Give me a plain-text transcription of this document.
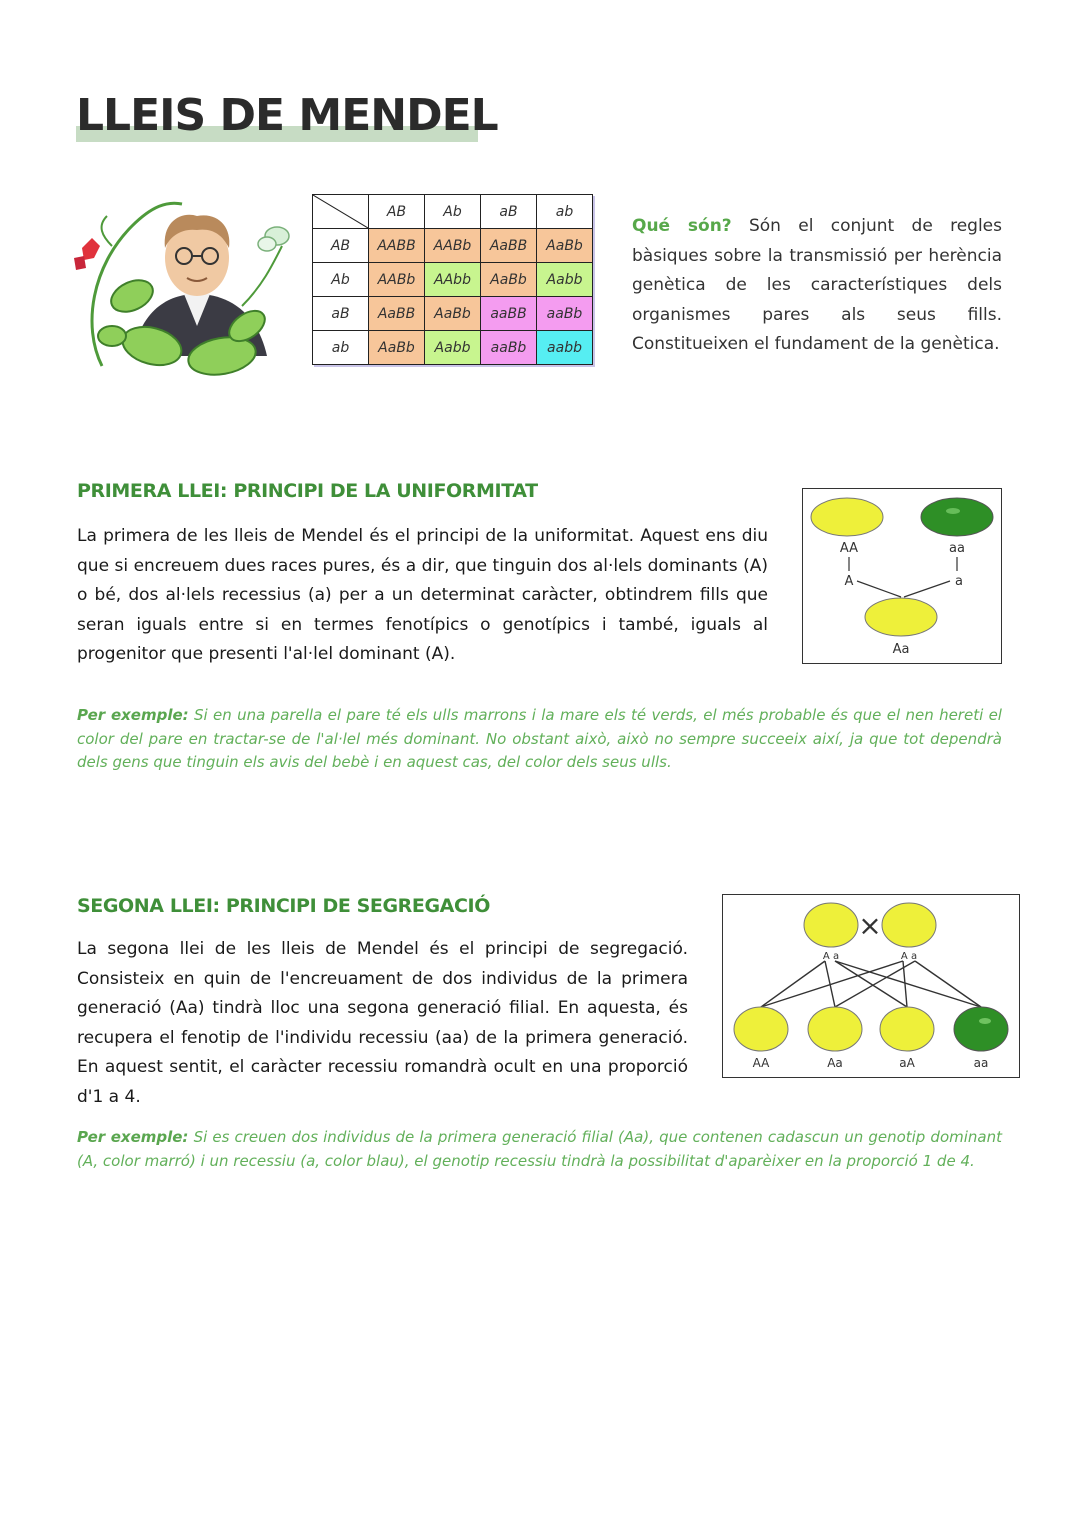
LLEIS DE MENDEL
	AB	Ab	aB	ab
AB	AABB	AABb	AaBB	AaBb
Ab	AABb	AAbb	AaBb	Aabb
aB	AaBB	AaBb	aaBB	aaBb
ab	AaBb	Aabb	aaBb	aabb

Qué són? Són el conjunt de regles bàsiques sobre la transmissió per herència genètica de les característiques dels organismes pares als seus fills. Constitueixen el fundament de la genètica.

PRIMERA LLEI: PRINCIPI DE LA UNIFORMITAT

La primera de les lleis de Mendel és el principi de la uniformitat. Aquest ens diu que si encreuem dues races pures, és a dir, que tinguin dos al·lels dominants (A) o bé, dos al·lels recessius (a) per a un determinat caràcter, obtindrem fills que seran iguals entre si en termes fenotípics o genotípics i també, iguals al progenitor que presenti l'al·lel dominant (A).

AA	aa
A	a
Aa

Per exemple: Si en una parella el pare té els ulls marrons i la mare els té verds, el més probable és que el nen hereti el color del pare en tractar-se de l'al·lel més dominant. No obstant això, això no sempre succeeix així, ja que tot dependrà dels gens que tinguin els avis del bebè i en aquest cas, del color dels seus ulls.

SEGONA LLEI: PRINCIPI DE SEGREGACIÓ

La segona llei de les lleis de Mendel és el principi de segregació. Consisteix en quin de l'encreuament de dos individus de la primera generació (Aa) tindrà lloc una segona generació filial. En aquesta, és recupera el fenotip de l'individu recessiu (aa) de la primera generació. En aquest sentit, el caràcter recessiu romandrà ocult en una proporció d'1 a 4.

×
A a	A a
AA	Aa	aA	aa

Per exemple: Si es creuen dos individus de la primera generació filial (Aa), que contenen cadascun un genotip dominant (A, color marró) i un recessiu (a, color blau), el genotip recessiu tindrà la possibilitat d'aparèixer en la proporció 1 de 4.
